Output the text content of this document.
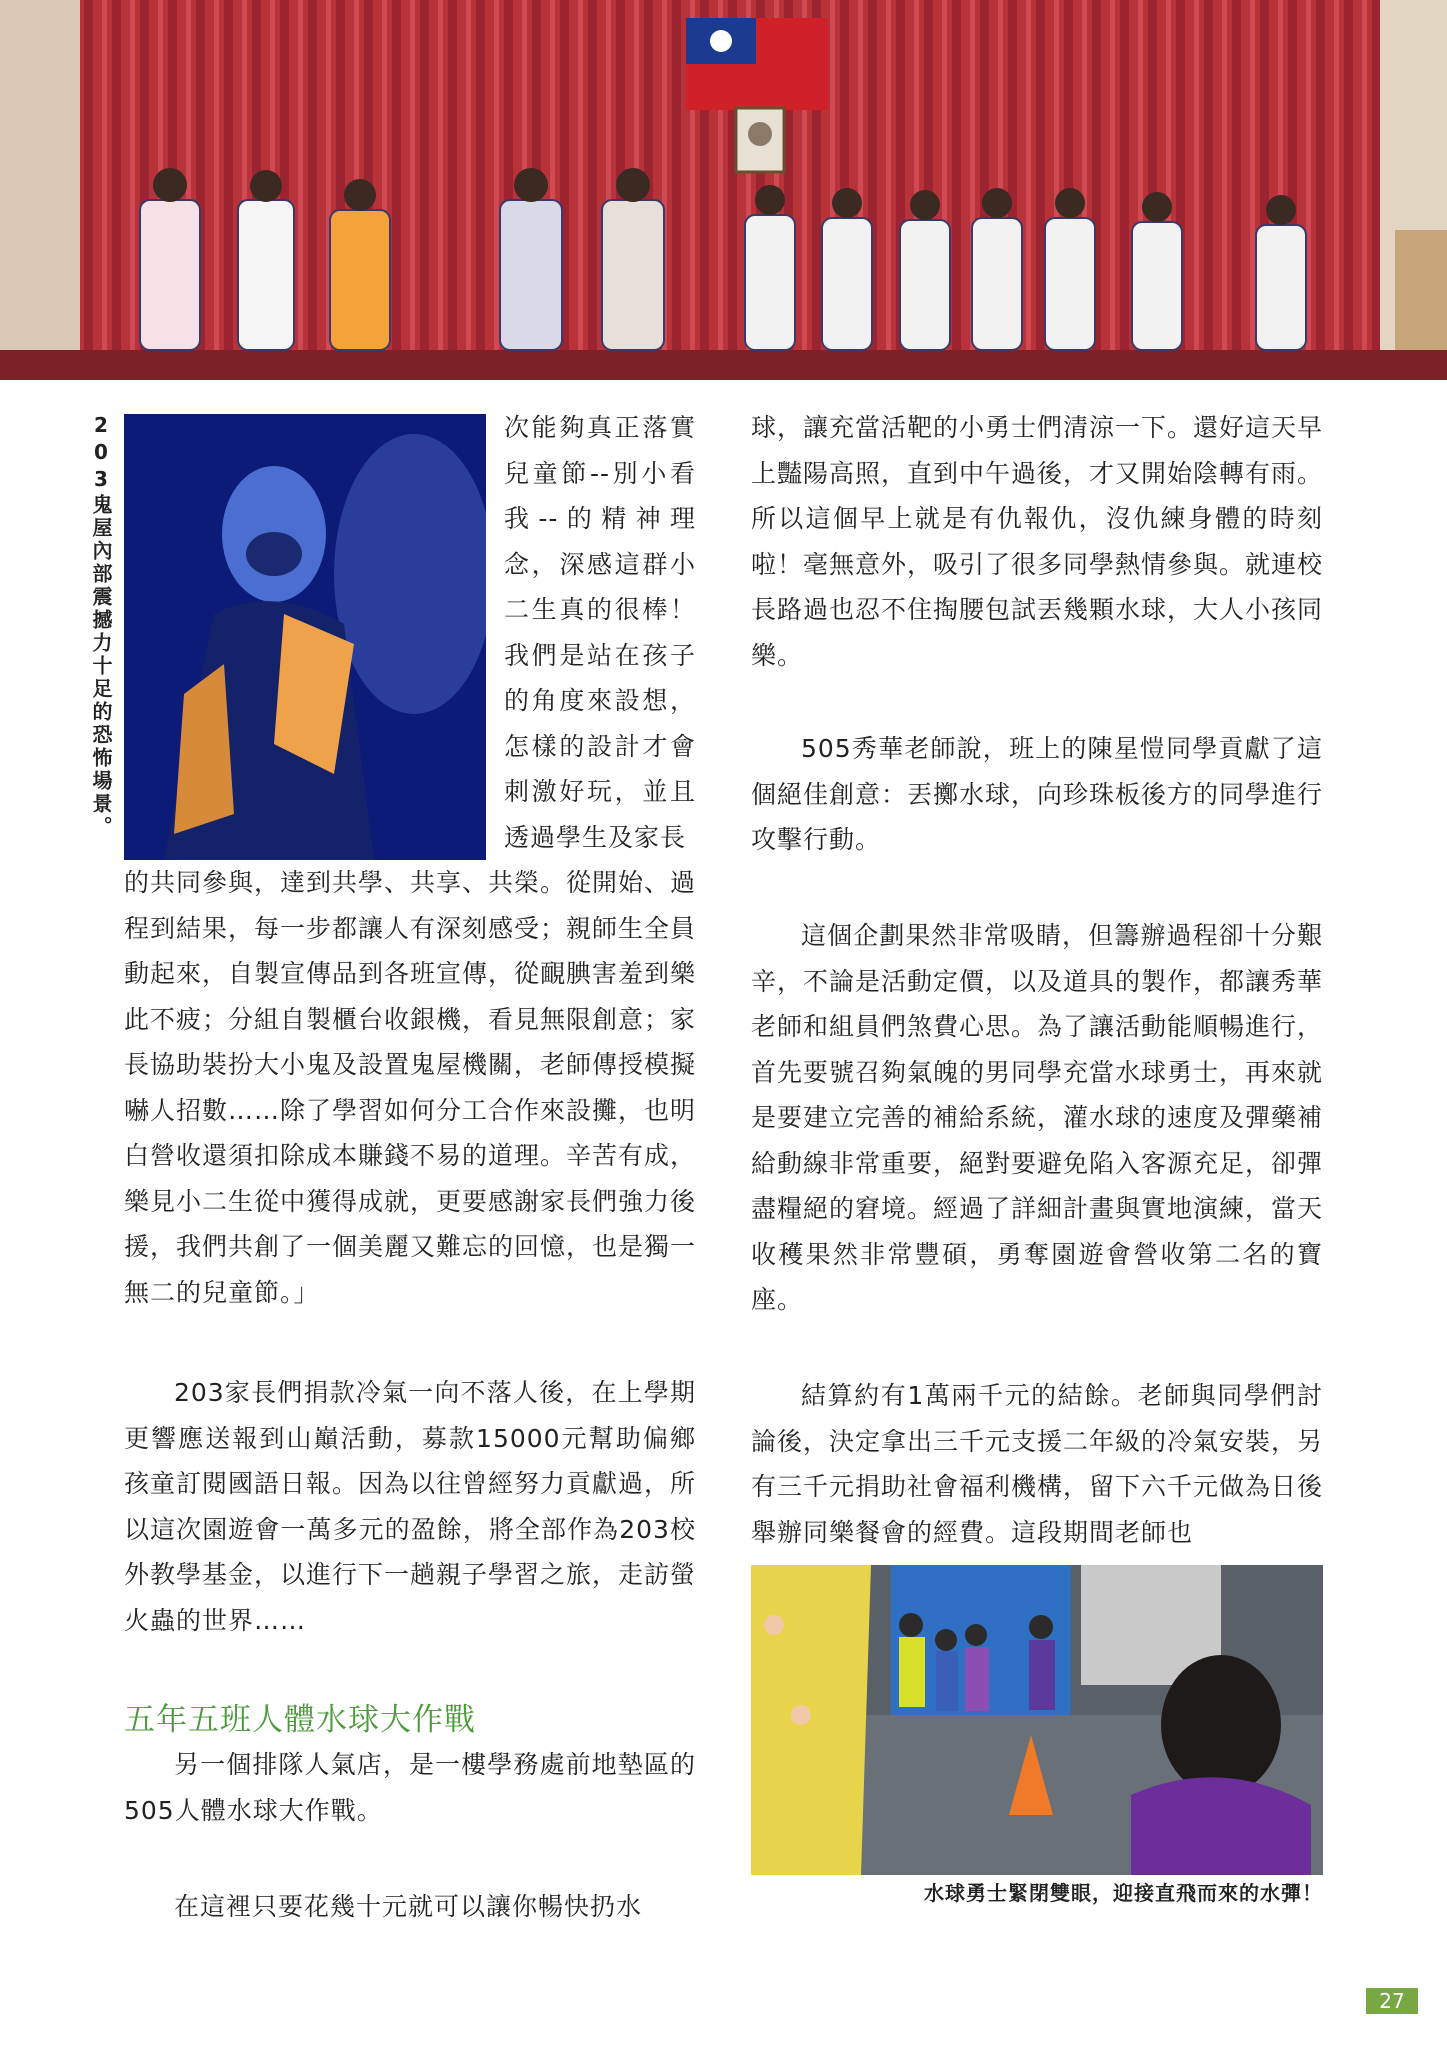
203鬼屋內部震撼力十足的恐怖場景。	次能夠真正落實兒童節--別小看我--的精神理念，深感這群小二生真的很棒！我們是站在孩子的角度來設想，怎樣的設計才會刺激好玩，並且透過學生及家長

的共同參與，達到共學、共享、共榮。從開始、過程到結果，每一步都讓人有深刻感受；親師生全員動起來，自製宣傳品到各班宣傳，從靦腆害羞到樂此不疲；分組自製櫃台收銀機，看見無限創意；家長協助裝扮大小鬼及設置鬼屋機關，老師傳授模擬嚇人招數……除了學習如何分工合作來設攤，也明白營收還須扣除成本賺錢不易的道理。辛苦有成，樂見小二生從中獲得成就，更要感謝家長們強力後援，我們共創了一個美麗又難忘的回憶，也是獨一無二的兒童節。」

203家長們捐款冷氣一向不落人後，在上學期更響應送報到山巔活動，募款15000元幫助偏鄉孩童訂閱國語日報。因為以往曾經努力貢獻過，所以這次園遊會一萬多元的盈餘，將全部作為203校外教學基金，以進行下一趟親子學習之旅，走訪螢火蟲的世界……

五年五班人體水球大作戰

另一個排隊人氣店，是一樓學務處前地墊區的505人體水球大作戰。

在這裡只要花幾十元就可以讓你暢快扔水

球，讓充當活靶的小勇士們清涼一下。還好這天早上豔陽高照，直到中午過後，才又開始陰轉有雨。所以這個早上就是有仇報仇，沒仇練身體的時刻啦！毫無意外，吸引了很多同學熱情參與。就連校長路過也忍不住掏腰包試丟幾顆水球，大人小孩同樂。

505秀華老師說，班上的陳星愷同學貢獻了這個絕佳創意：丟擲水球，向珍珠板後方的同學進行攻擊行動。

這個企劃果然非常吸睛，但籌辦過程卻十分艱辛，不論是活動定價，以及道具的製作，都讓秀華老師和組員們煞費心思。為了讓活動能順暢進行，首先要號召夠氣魄的男同學充當水球勇士，再來就是要建立完善的補給系統，灌水球的速度及彈藥補給動線非常重要，絕對要避免陷入客源充足，卻彈盡糧絕的窘境。經過了詳細計畫與實地演練，當天收穫果然非常豐碩，勇奪園遊會營收第二名的寶座。

結算約有1萬兩千元的結餘。老師與同學們討論後，決定拿出三千元支援二年級的冷氣安裝，另有三千元捐助社會福利機構，留下六千元做為日後舉辦同樂餐會的經費。這段期間老師也

水球勇士緊閉雙眼，迎接直飛而來的水彈！
27
